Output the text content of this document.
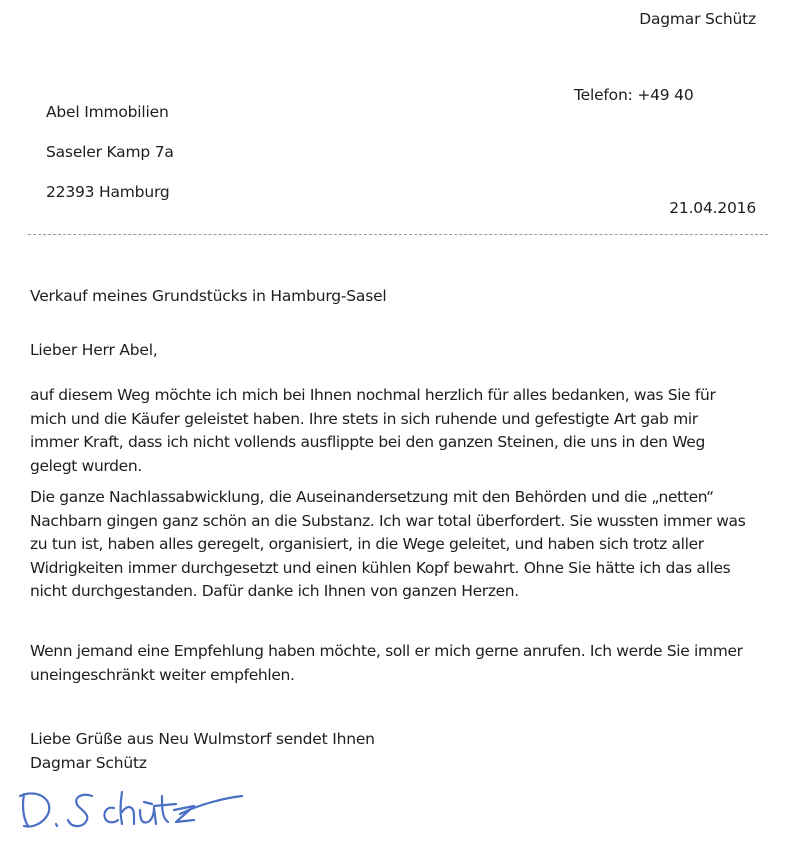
Dagmar Schütz
Telefon: +49 40
Abel Immobilien
Saseler Kamp 7a
22393 Hamburg
21.04.2016
Verkauf meines Grundstücks in Hamburg-Sasel
Lieber Herr Abel,
auf diesem Weg möchte ich mich bei Ihnen nochmal herzlich für alles bedanken, was Sie für
mich und die Käufer geleistet haben. Ihre stets in sich ruhende und gefestigte Art gab mir
immer Kraft, dass ich nicht vollends ausflippte bei den ganzen Steinen, die uns in den Weg
gelegt wurden.
Die ganze Nachlassabwicklung, die Auseinandersetzung mit den Behörden und die „netten“
Nachbarn gingen ganz schön an die Substanz. Ich war total überfordert. Sie wussten immer was
zu tun ist, haben alles geregelt, organisiert, in die Wege geleitet, und haben sich trotz aller
Widrigkeiten immer durchgesetzt und einen kühlen Kopf bewahrt. Ohne Sie hätte ich das alles
nicht durchgestanden. Dafür danke ich Ihnen von ganzen Herzen.
Wenn jemand eine Empfehlung haben möchte, soll er mich gerne anrufen. Ich werde Sie immer
uneingeschränkt weiter empfehlen.
Liebe Grüße aus Neu Wulmstorf sendet Ihnen
Dagmar Schütz
